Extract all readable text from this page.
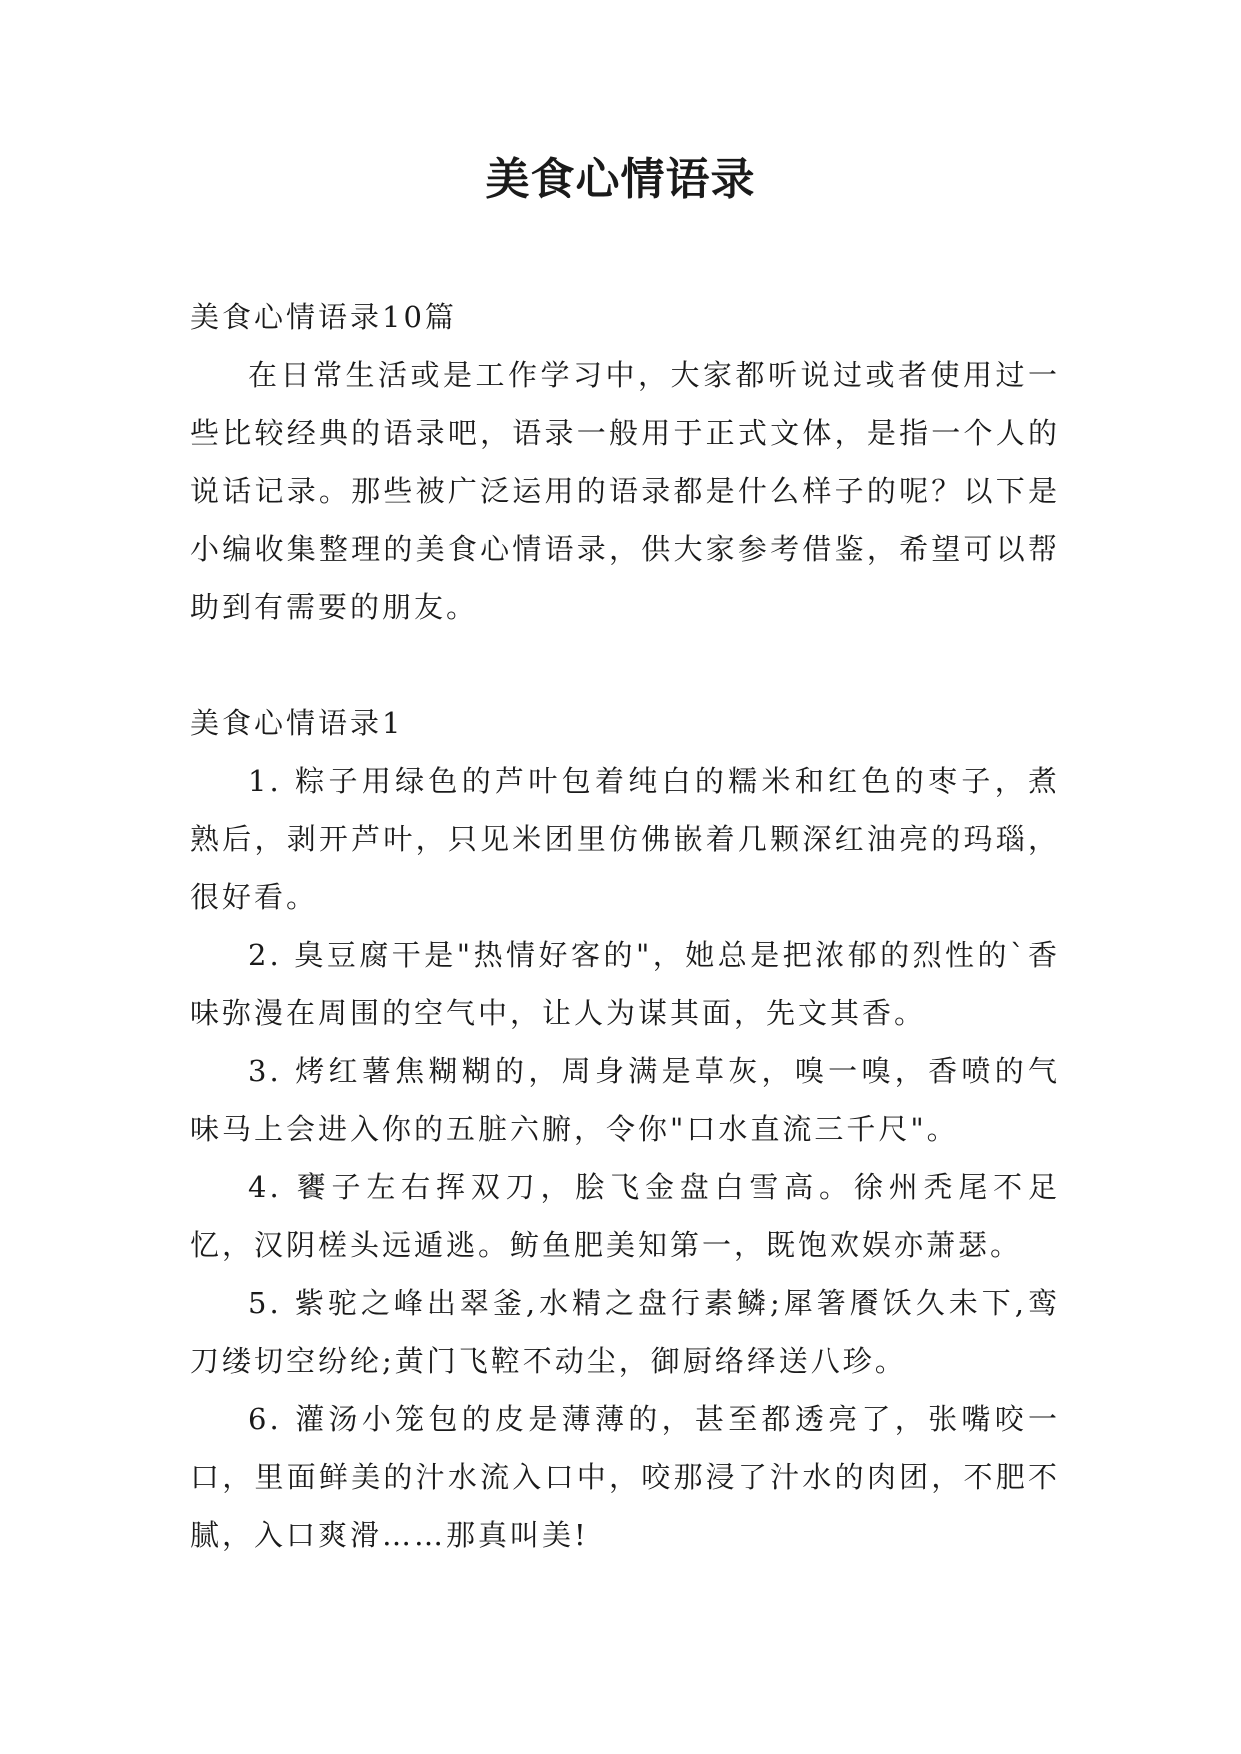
美食心情语录

美食心情语录10篇

在日常生活或是工作学习中，大家都听说过或者使用过一些比较经典的语录吧，语录一般用于正式文体，是指一个人的说话记录。那些被广泛运用的语录都是什么样子的呢？以下是小编收集整理的美食心情语录，供大家参考借鉴，希望可以帮助到有需要的朋友。

美食心情语录1

1. 粽子用绿色的芦叶包着纯白的糯米和红色的枣子，煮熟后，剥开芦叶，只见米团里仿佛嵌着几颗深红油亮的玛瑙，很好看。

2. 臭豆腐干是"热情好客的"，她总是把浓郁的烈性的`香味弥漫在周围的空气中，让人为谋其面，先文其香。

3. 烤红薯焦糊糊的，周身满是草灰，嗅一嗅，香喷的气味马上会进入你的五脏六腑，令你"口水直流三千尺"。

4. 饔子左右挥双刀，脍飞金盘白雪高。徐州秃尾不足忆，汉阴槎头远遁逃。鲂鱼肥美知第一，既饱欢娱亦萧瑟。

5. 紫驼之峰出翠釜,水精之盘行素鳞;犀箸餍饫久未下,鸾刀缕切空纷纶;黄门飞鞚不动尘，御厨络绎送八珍。

6. 灌汤小笼包的皮是薄薄的，甚至都透亮了，张嘴咬一口，里面鲜美的汁水流入口中，咬那浸了汁水的肉团，不肥不腻，入口爽滑……那真叫美!
